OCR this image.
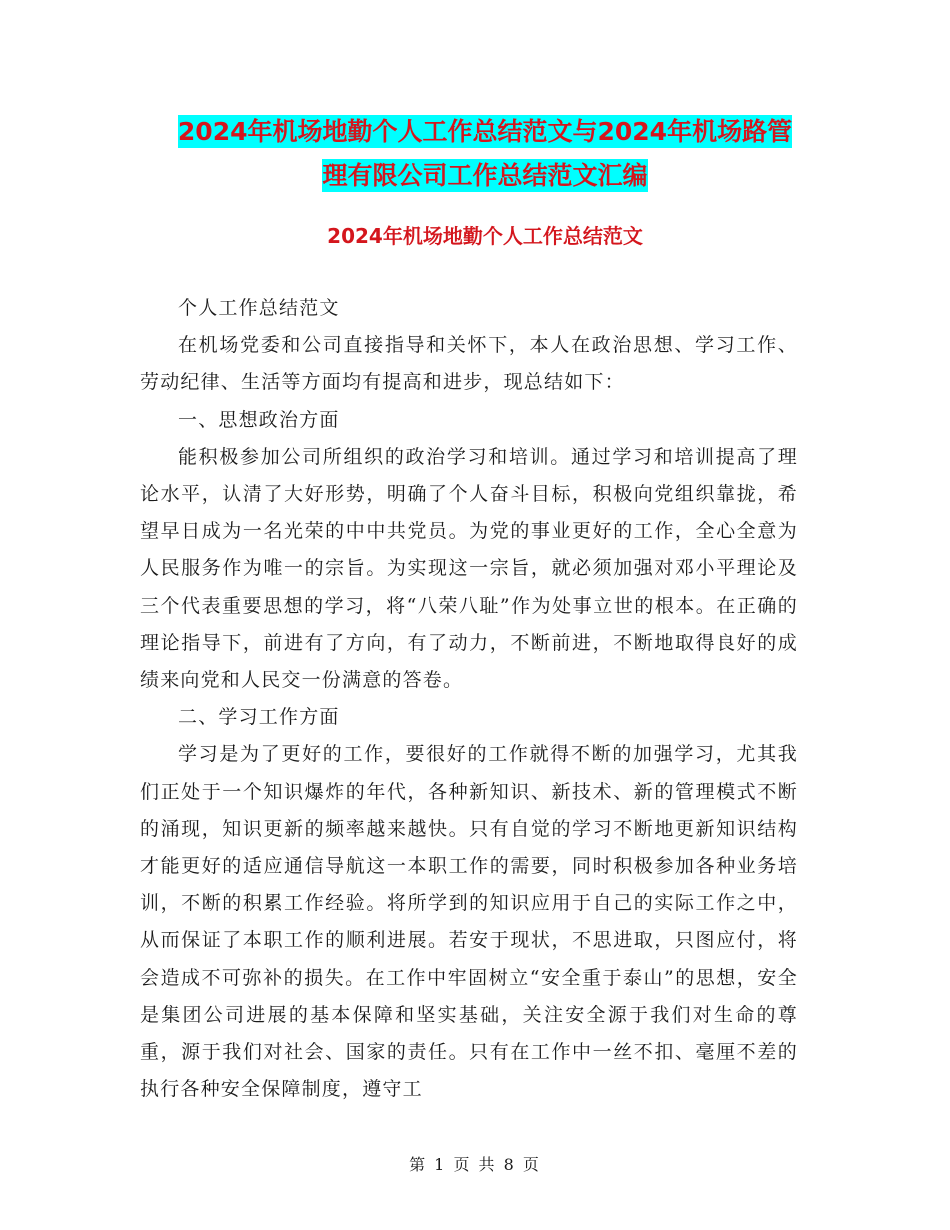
2024年机场地勤个人工作总结范文与2024年机场路管
理有限公司工作总结范文汇编
2024年机场地勤个人工作总结范文

个人工作总结范文

在机场党委和公司直接指导和关怀下，本人在政治思想、学习工作、劳动纪律、生活等方面均有提高和进步，现总结如下：

一、思想政治方面

能积极参加公司所组织的政治学习和培训。通过学习和培训提高了理论水平，认清了大好形势，明确了个人奋斗目标，积极向党组织靠拢，希望早日成为一名光荣的中中共党员。为党的事业更好的工作，全心全意为人民服务作为唯一的宗旨。为实现这一宗旨，就必须加强对邓小平理论及三个代表重要思想的学习，将“八荣八耻”作为处事立世的根本。在正确的理论指导下，前进有了方向，有了动力，不断前进，不断地取得良好的成绩来向党和人民交一份满意的答卷。

二、学习工作方面

学习是为了更好的工作，要很好的工作就得不断的加强学习，尤其我们正处于一个知识爆炸的年代，各种新知识、新技术、新的管理模式不断的涌现，知识更新的频率越来越快。只有自觉的学习不断地更新知识结构才能更好的适应通信导航这一本职工作的需要，同时积极参加各种业务培训，不断的积累工作经验。将所学到的知识应用于自己的实际工作之中，从而保证了本职工作的顺利进展。若安于现状，不思进取，只图应付，将会造成不可弥补的损失。在工作中牢固树立“安全重于泰山”的思想，安全是集团公司进展的基本保障和坚实基础，关注安全源于我们对生命的尊重，源于我们对社会、国家的责任。只有在工作中一丝不扣、毫厘不差的执行各种安全保障制度，遵守工

第 1 页 共 8 页
